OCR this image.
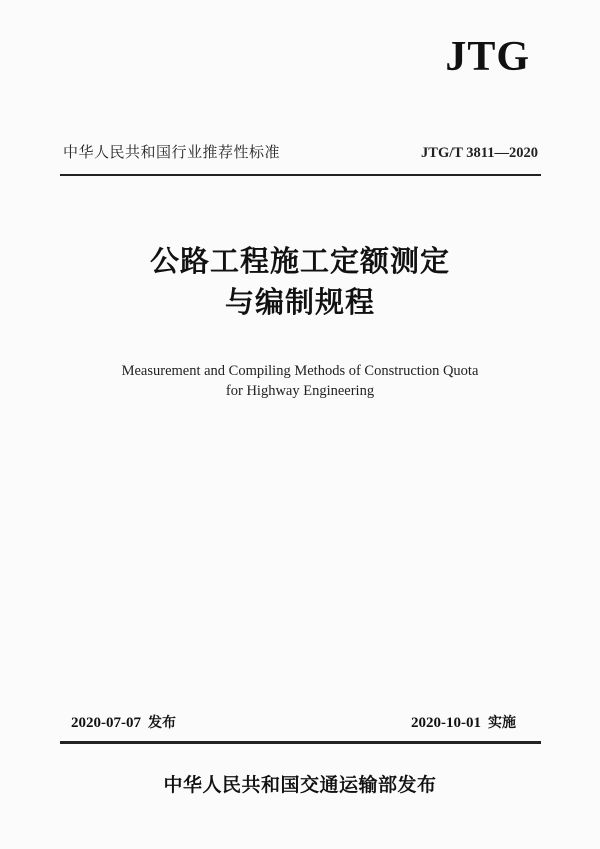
JTG
中华人民共和国行业推荐性标准	JTG/T 3811—2020
公路工程施工定额测定
与编制规程
Measurement and Compiling Methods of Construction Quota
for Highway Engineering
2020-07-07 发布	2020-10-01 实施
中华人民共和国交通运输部发布
